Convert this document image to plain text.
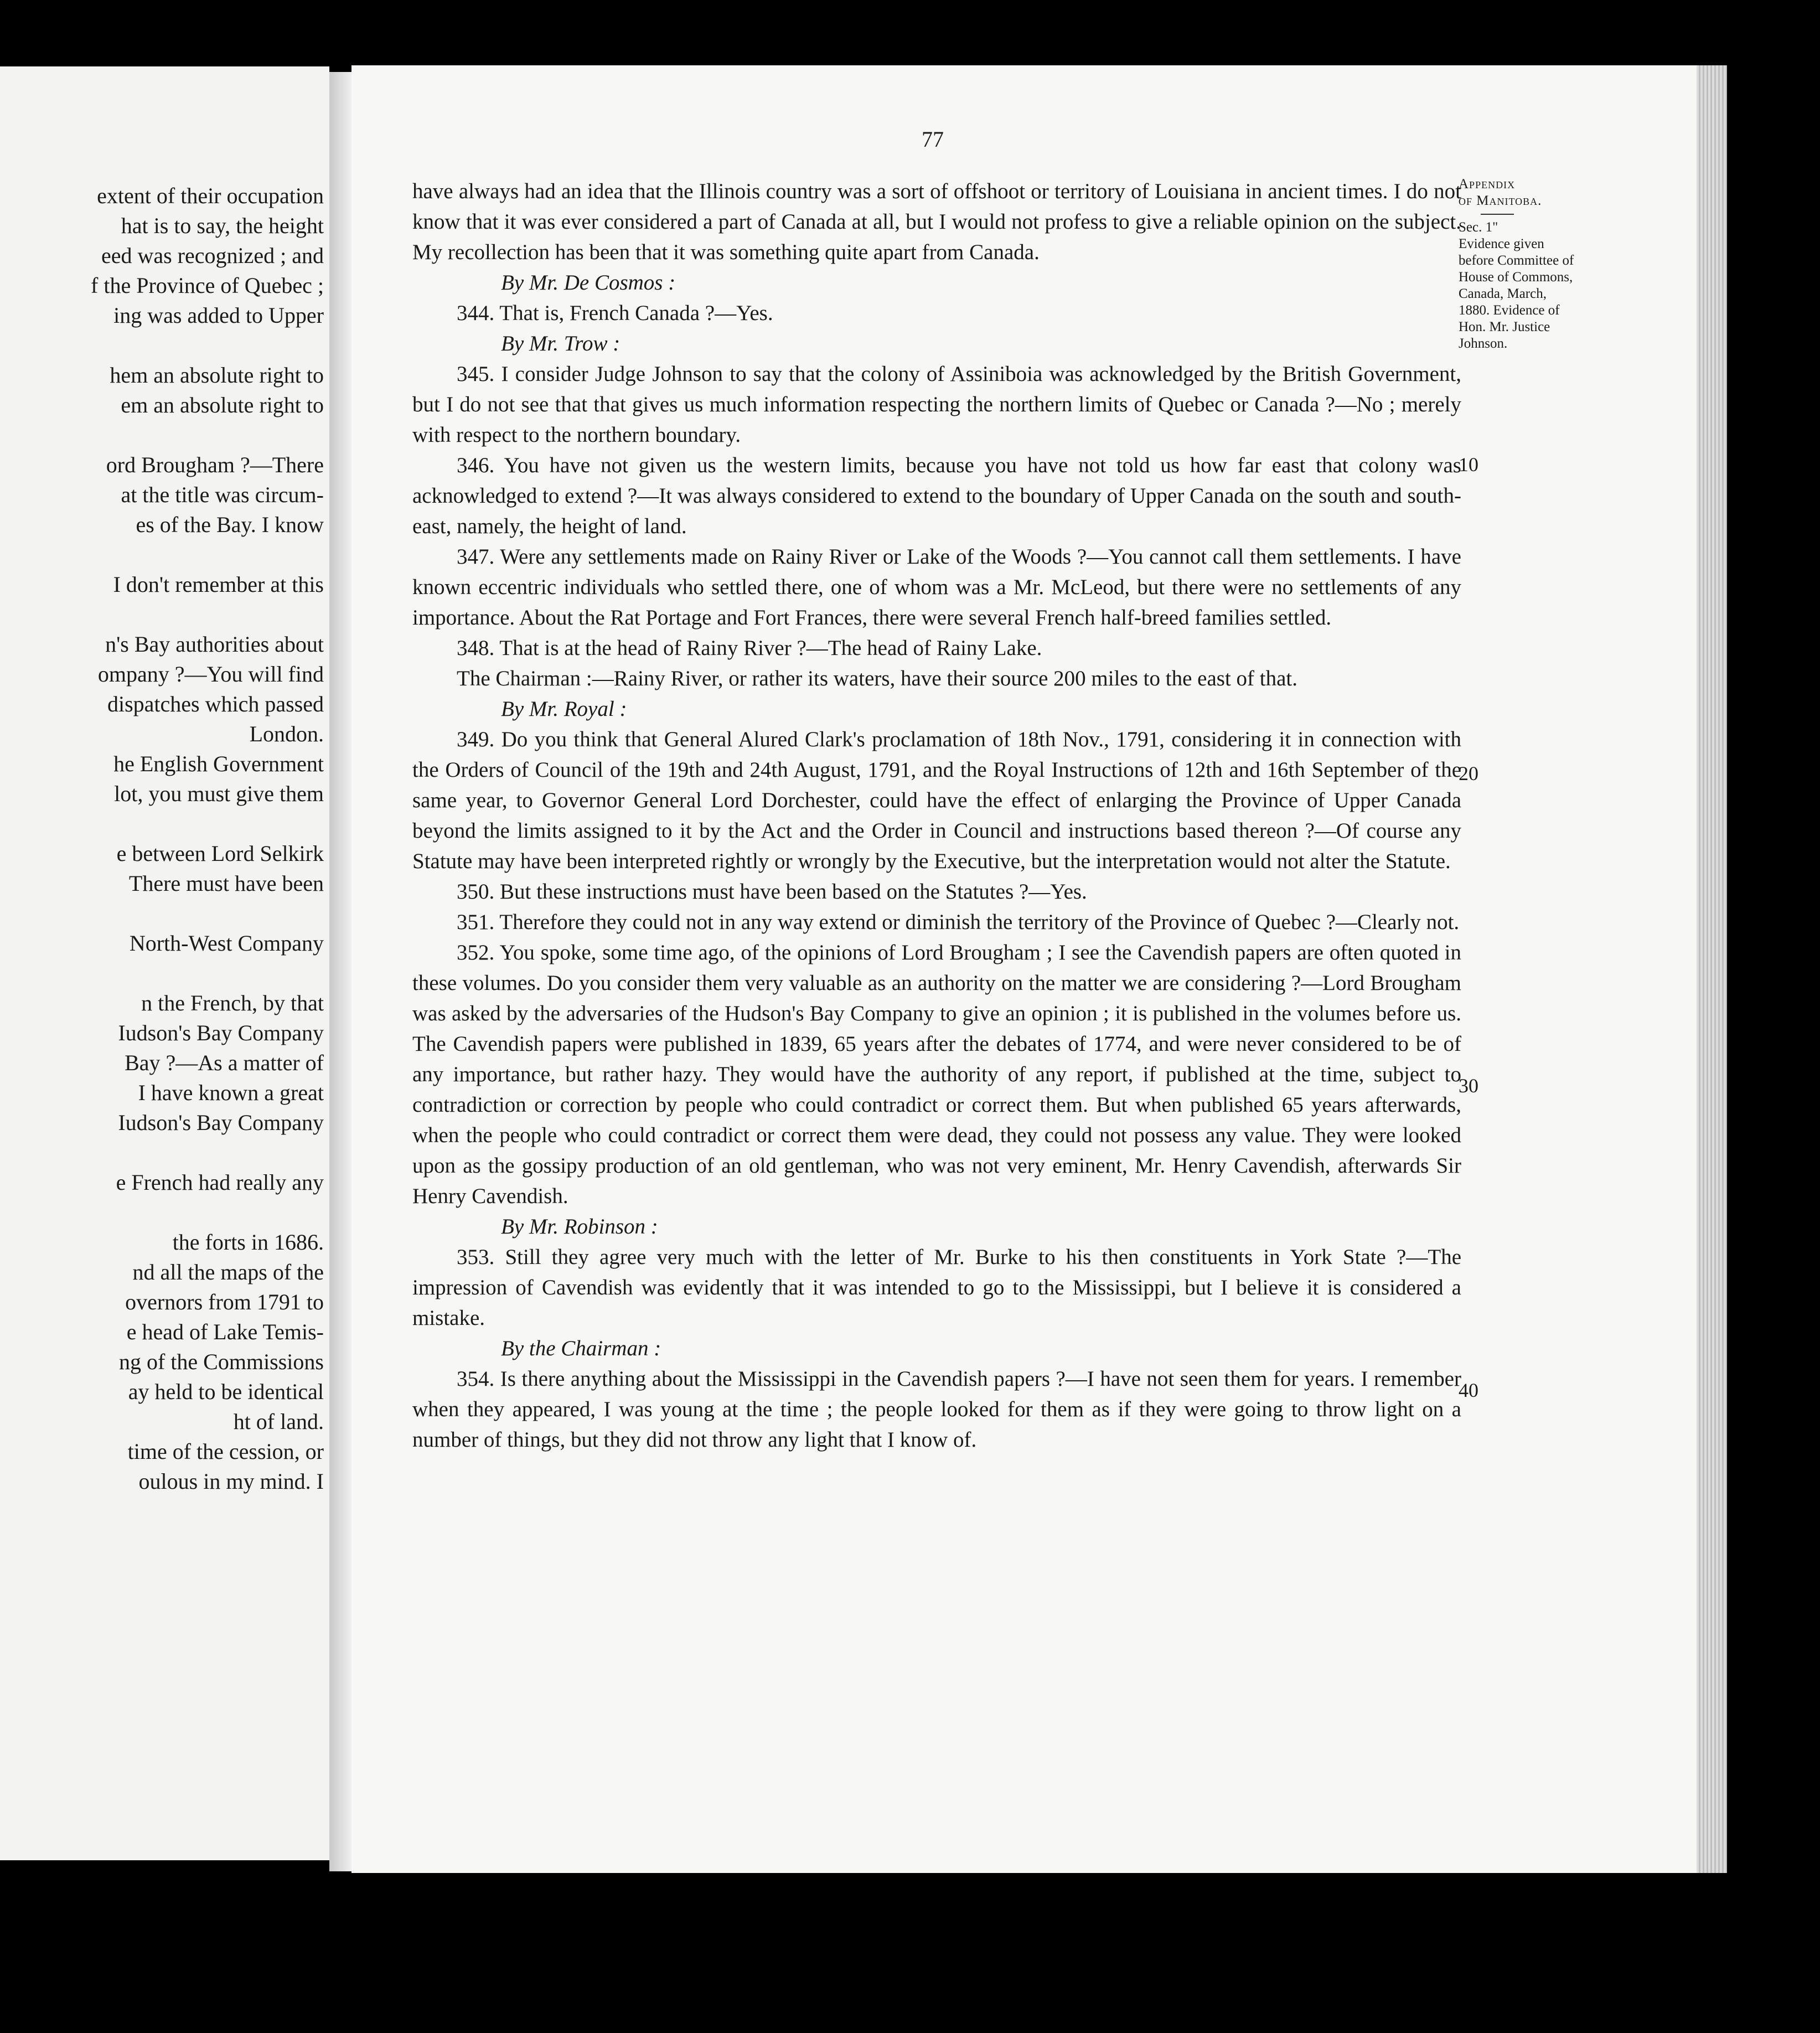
extent of their occupation
hat is to say, the height
eed was recognized ; and
f the Province of Quebec ;
ing was added to Upper
hem an absolute right to
em an absolute right to
ord Brougham ?—There
at the title was circum-
es of the Bay. I know
I don't remember at this
n's Bay authorities about
ompany ?—You will find
dispatches which passed
London.
he English Government
lot, you must give them
e between Lord Selkirk
There must have been
North-West Company
n the French, by that
Iudson's Bay Company
Bay ?—As a matter of
I have known a great
Iudson's Bay Company
e French had really any
the forts in 1686.
nd all the maps of the
overnors from 1791 to
e head of Lake Temis-
ng of the Commissions
ay held to be identical
ht of land.
time of the cession, or
oulous in my mind. I
77

have always had an idea that the Illinois country was a sort of offshoot or territory of Louisiana in ancient times. I do not know that it was ever considered a part of Canada at all, but I would not profess to give a reliable opinion on the subject. My recollection has been that it was something quite apart from Canada.

By Mr. De Cosmos :

344. That is, French Canada ?—Yes.

By Mr. Trow :

345. I consider Judge Johnson to say that the colony of Assiniboia was acknowledged by the British Government, but I do not see that that gives us much information respecting the northern limits of Quebec or Canada ?—No ; merely with respect to the northern boundary.

346. You have not given us the western limits, because you have not told us how far east that colony was acknowledged to extend ?—It was always considered to extend to the boundary of Upper Canada on the south and south-east, namely, the height of land.

347. Were any settlements made on Rainy River or Lake of the Woods ?—You cannot call them settlements. I have known eccentric individuals who settled there, one of whom was a Mr. McLeod, but there were no settlements of any importance. About the Rat Portage and Fort Frances, there were several French half-breed families settled.

348. That is at the head of Rainy River ?—The head of Rainy Lake.

The Chairman :—Rainy River, or rather its waters, have their source 200 miles to the east of that.

By Mr. Royal :

349. Do you think that General Alured Clark's proclamation of 18th Nov., 1791, considering it in connection with the Orders of Council of the 19th and 24th August, 1791, and the Royal Instructions of 12th and 16th September of the same year, to Governor General Lord Dorchester, could have the effect of enlarging the Province of Upper Canada beyond the limits assigned to it by the Act and the Order in Council and instructions based thereon ?—Of course any Statute may have been interpreted rightly or wrongly by the Executive, but the interpretation would not alter the Statute.

350. But these instructions must have been based on the Statutes ?—Yes.

351. Therefore they could not in any way extend or diminish the territory of the Province of Quebec ?—Clearly not.

352. You spoke, some time ago, of the opinions of Lord Brougham ; I see the Cavendish papers are often quoted in these volumes. Do you consider them very valuable as an authority on the matter we are considering ?—Lord Brougham was asked by the adversaries of the Hudson's Bay Company to give an opinion ; it is published in the volumes before us. The Cavendish papers were published in 1839, 65 years after the debates of 1774, and were never considered to be of any importance, but rather hazy. They would have the authority of any report, if published at the time, subject to contradiction or correction by people who could contradict or correct them. But when published 65 years afterwards, when the people who could contradict or correct them were dead, they could not possess any value. They were looked upon as the gossipy production of an old gentleman, who was not very eminent, Mr. Henry Cavendish, afterwards Sir Henry Cavendish.

By Mr. Robinson :

353. Still they agree very much with the letter of Mr. Burke to his then constituents in York State ?—The impression of Cavendish was evidently that it was intended to go to the Mississippi, but I believe it is considered a mistake.

By the Chairman :

354. Is there anything about the Mississippi in the Cavendish papers ?—I have not seen them for years. I remember when they appeared, I was young at the time ; the people looked for them as if they were going to throw light on a number of things, but they did not throw any light that I know of.

Appendix
of Manitoba.
Sec. 1"
Evidence given before Committee of House of Commons, Canada, March, 1880. Evidence of Hon. Mr. Justice Johnson.
10
20
30
40
